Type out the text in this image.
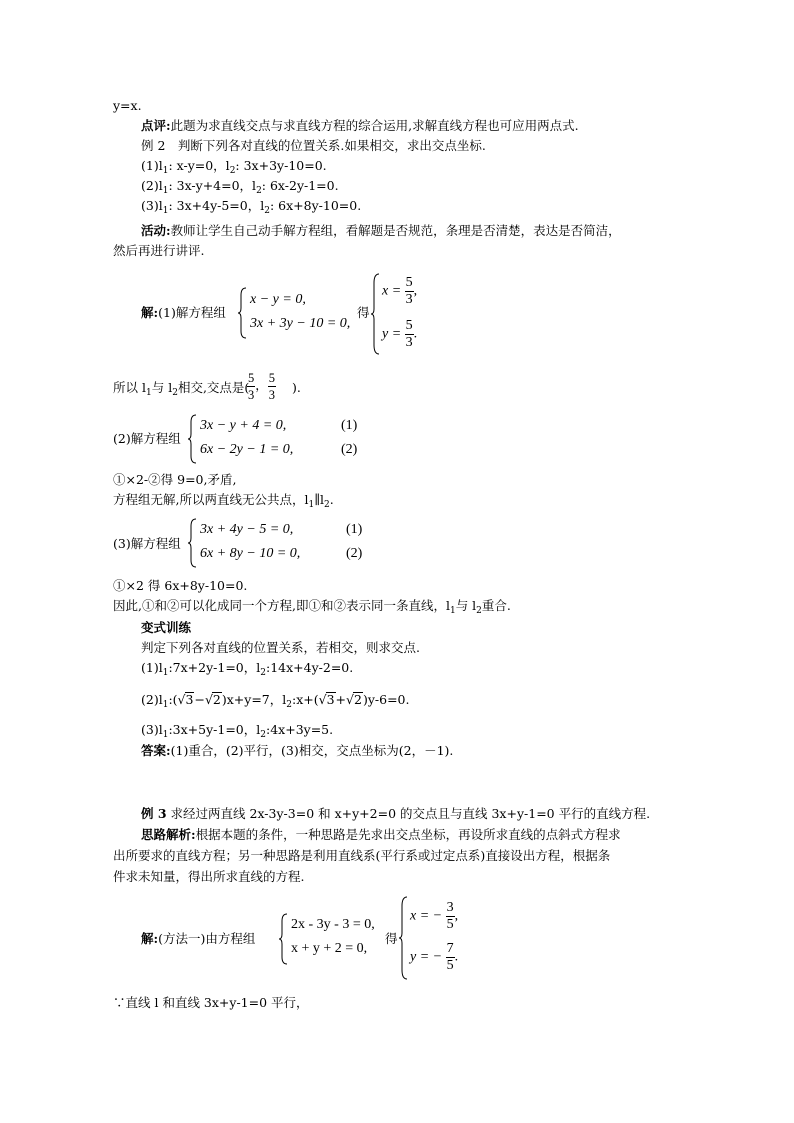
y=x.
点评:此题为求直线交点与求直线方程的综合运用,求解直线方程也可应用两点式.
例 2　判断下列各对直线的位置关系.如果相交，求出交点坐标.
$(1)l_1$: x-y=0，$l_2$: 3x+3y-10=0.
$(2)l_1$: 3x-y+4=0，$l_2$: 6x-2y-1=0.
$(3)l_1$: 3x+4y-5=0，$l_2$: 6x+8y-10=0.
活动:教师让学生自己动手解方程组，看解题是否规范，条理是否清楚，表达是否简洁，
然后再进行讲评.
解:(1)解方程组
x − y = 0,
3x + 3y − 10 = 0,
得
$x = \frac{5}{3}$ ,
$y = \frac{5}{3}$ .
所以 $l_1$与 $l_2$相交,交点是(
$\frac{5}{3}$ ， $\frac{5}{3}$ ).
(2)解方程组
3x − y + 4 = 0,
6x − 2y − 1 = 0,
(1)
(2)
①×2-②得 9=0,矛盾,
方程组无解,所以两直线无公共点，$l_1\parallel l_2$.
(3)解方程组
3x + 4y − 5 = 0,
6x + 8y − 10 = 0,
(1)
(2)
①×2 得 6x+8y-10=0.
因此,①和②可以化成同一个方程,即①和②表示同一条直线，$l_1$与 $l_2$重合.
变式训练
判定下列各对直线的位置关系，若相交，则求交点.
$(1)l_1:7x+2y-1=0$，$l_2:14x+4y-2=0$.
$(2)l_1:(√3-√2)x+y=7$，$l_2:x+(√3+√2)y-6=0$.
$(3)l_1:3x+5y-1=0$，$l_2:4x+3y=5$.
答案:(1)重合，(2)平行，(3)相交，交点坐标为(2，－1).
例 3 求经过两直线 2x-3y-3=0 和 x+y+2=0 的交点且与直线 3x+y-1=0 平行的直线方程.
思路解析:根据本题的条件，一种思路是先求出交点坐标，再设所求直线的点斜式方程求
出所要求的直线方程；另一种思路是利用直线系(平行系或过定点系)直接设出方程，根据条
件求未知量，得出所求直线的方程.
解:(方法一)由方程组
2x - 3y - 3 = 0,
x + y + 2 = 0,
得
x = − $\frac{3}{5}$ ,
y = − $\frac{7}{5}$ .
∵直线 l 和直线 3x+y-1=0 平行，
